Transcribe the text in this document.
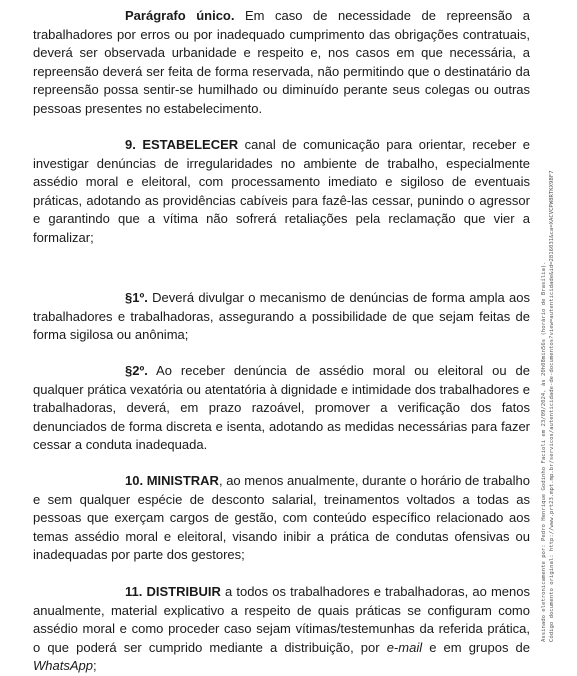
Parágrafo único. Em caso de necessidade de repreensão a trabalhadores por erros ou por inadequado cumprimento das obrigações contratuais, deverá ser observada urbanidade e respeito e, nos casos em que necessária, a repreensão deverá ser feita de forma reservada, não permitindo que o destinatário da repreensão possa sentir-se humilhado ou diminuído perante seus colegas ou outras pessoas presentes no estabelecimento.

9. ESTABELECER canal de comunicação para orientar, receber e investigar denúncias de irregularidades no ambiente de trabalho, especialmente assédio moral e eleitoral, com processamento imediato e sigiloso de eventuais práticas, adotando as providências cabíveis para fazê-las cessar, punindo o agressor e garantindo que a vítima não sofrerá retaliações pela reclamação que vier a formalizar;

§1º. Deverá divulgar o mecanismo de denúncias de forma ampla aos trabalhadores e trabalhadoras, assegurando a possibilidade de que sejam feitas de forma sigilosa ou anônima;

§2º. Ao receber denúncia de assédio moral ou eleitoral ou de qualquer prática vexatória ou atentatória à dignidade e intimidade dos trabalhadores e trabalhadoras, deverá, em prazo razoável, promover a verificação dos fatos denunciados de forma discreta e isenta, adotando as medidas necessárias para fazer cessar a conduta inadequada.

10. MINISTRAR, ao menos anualmente, durante o horário de trabalho e sem qualquer espécie de desconto salarial, treinamentos voltados a todas as pessoas que exerçam cargos de gestão, com conteúdo específico relacionado aos temas assédio moral e eleitoral, visando inibir a prática de condutas ofensivas ou inadequadas por parte dos gestores;

11. DISTRIBUIR a todos os trabalhadores e trabalhadoras, ao menos anualmente, material explicativo a respeito de quais práticas se configuram como assédio moral e como proceder caso sejam vítimas/testemunhas da referida prática, o que poderá ser cumprido mediante a distribuição, por e-mail e em grupos de WhatsApp;

Assinado eletronicamente por: Pedro Henrique Godinho Facioli em 23/09/2024, às 20h08min56s (horário de Brasília). Código documento original: http://www.prt23.mpt.mp.br/servicos/autenticidade-de-documentos?view=autenticidade&id=2816031&ca=XACVCPW8RTKX9BF7
